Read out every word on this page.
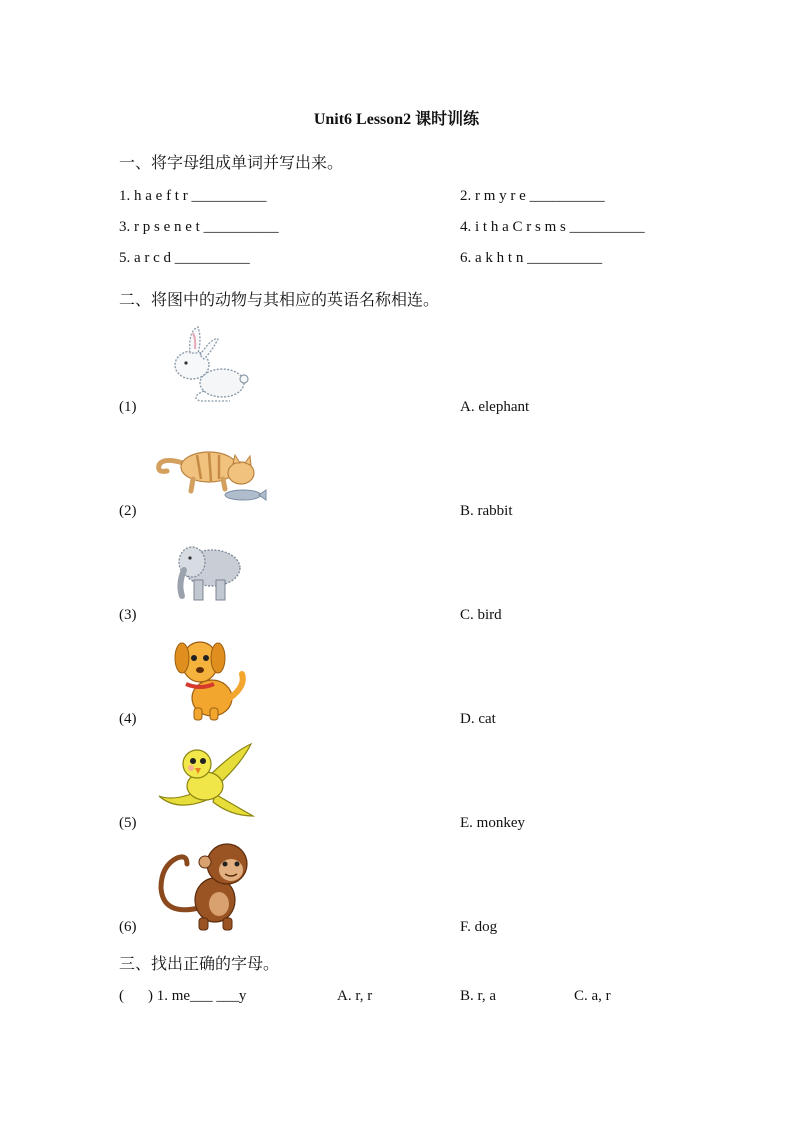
Unit6 Lesson2 课时训练
一、将字母组成单词并写出来。
1. h a e f t r __________	2. r m y r e __________
3. r p s e n e t __________	4. i t h a C r s m s __________
5. a r c d __________	6. a k h t n __________
二、将图中的动物与其相应的英语名称相连。
(1)	A. elephant
(2)	B. rabbit
(3)	C. bird
(4)	D. cat
(5)	E. monkey
(6)	F. dog
三、找出正确的字母。
( ) 1. me___ ___y	A. r, r	B. r, a	C. a, r
